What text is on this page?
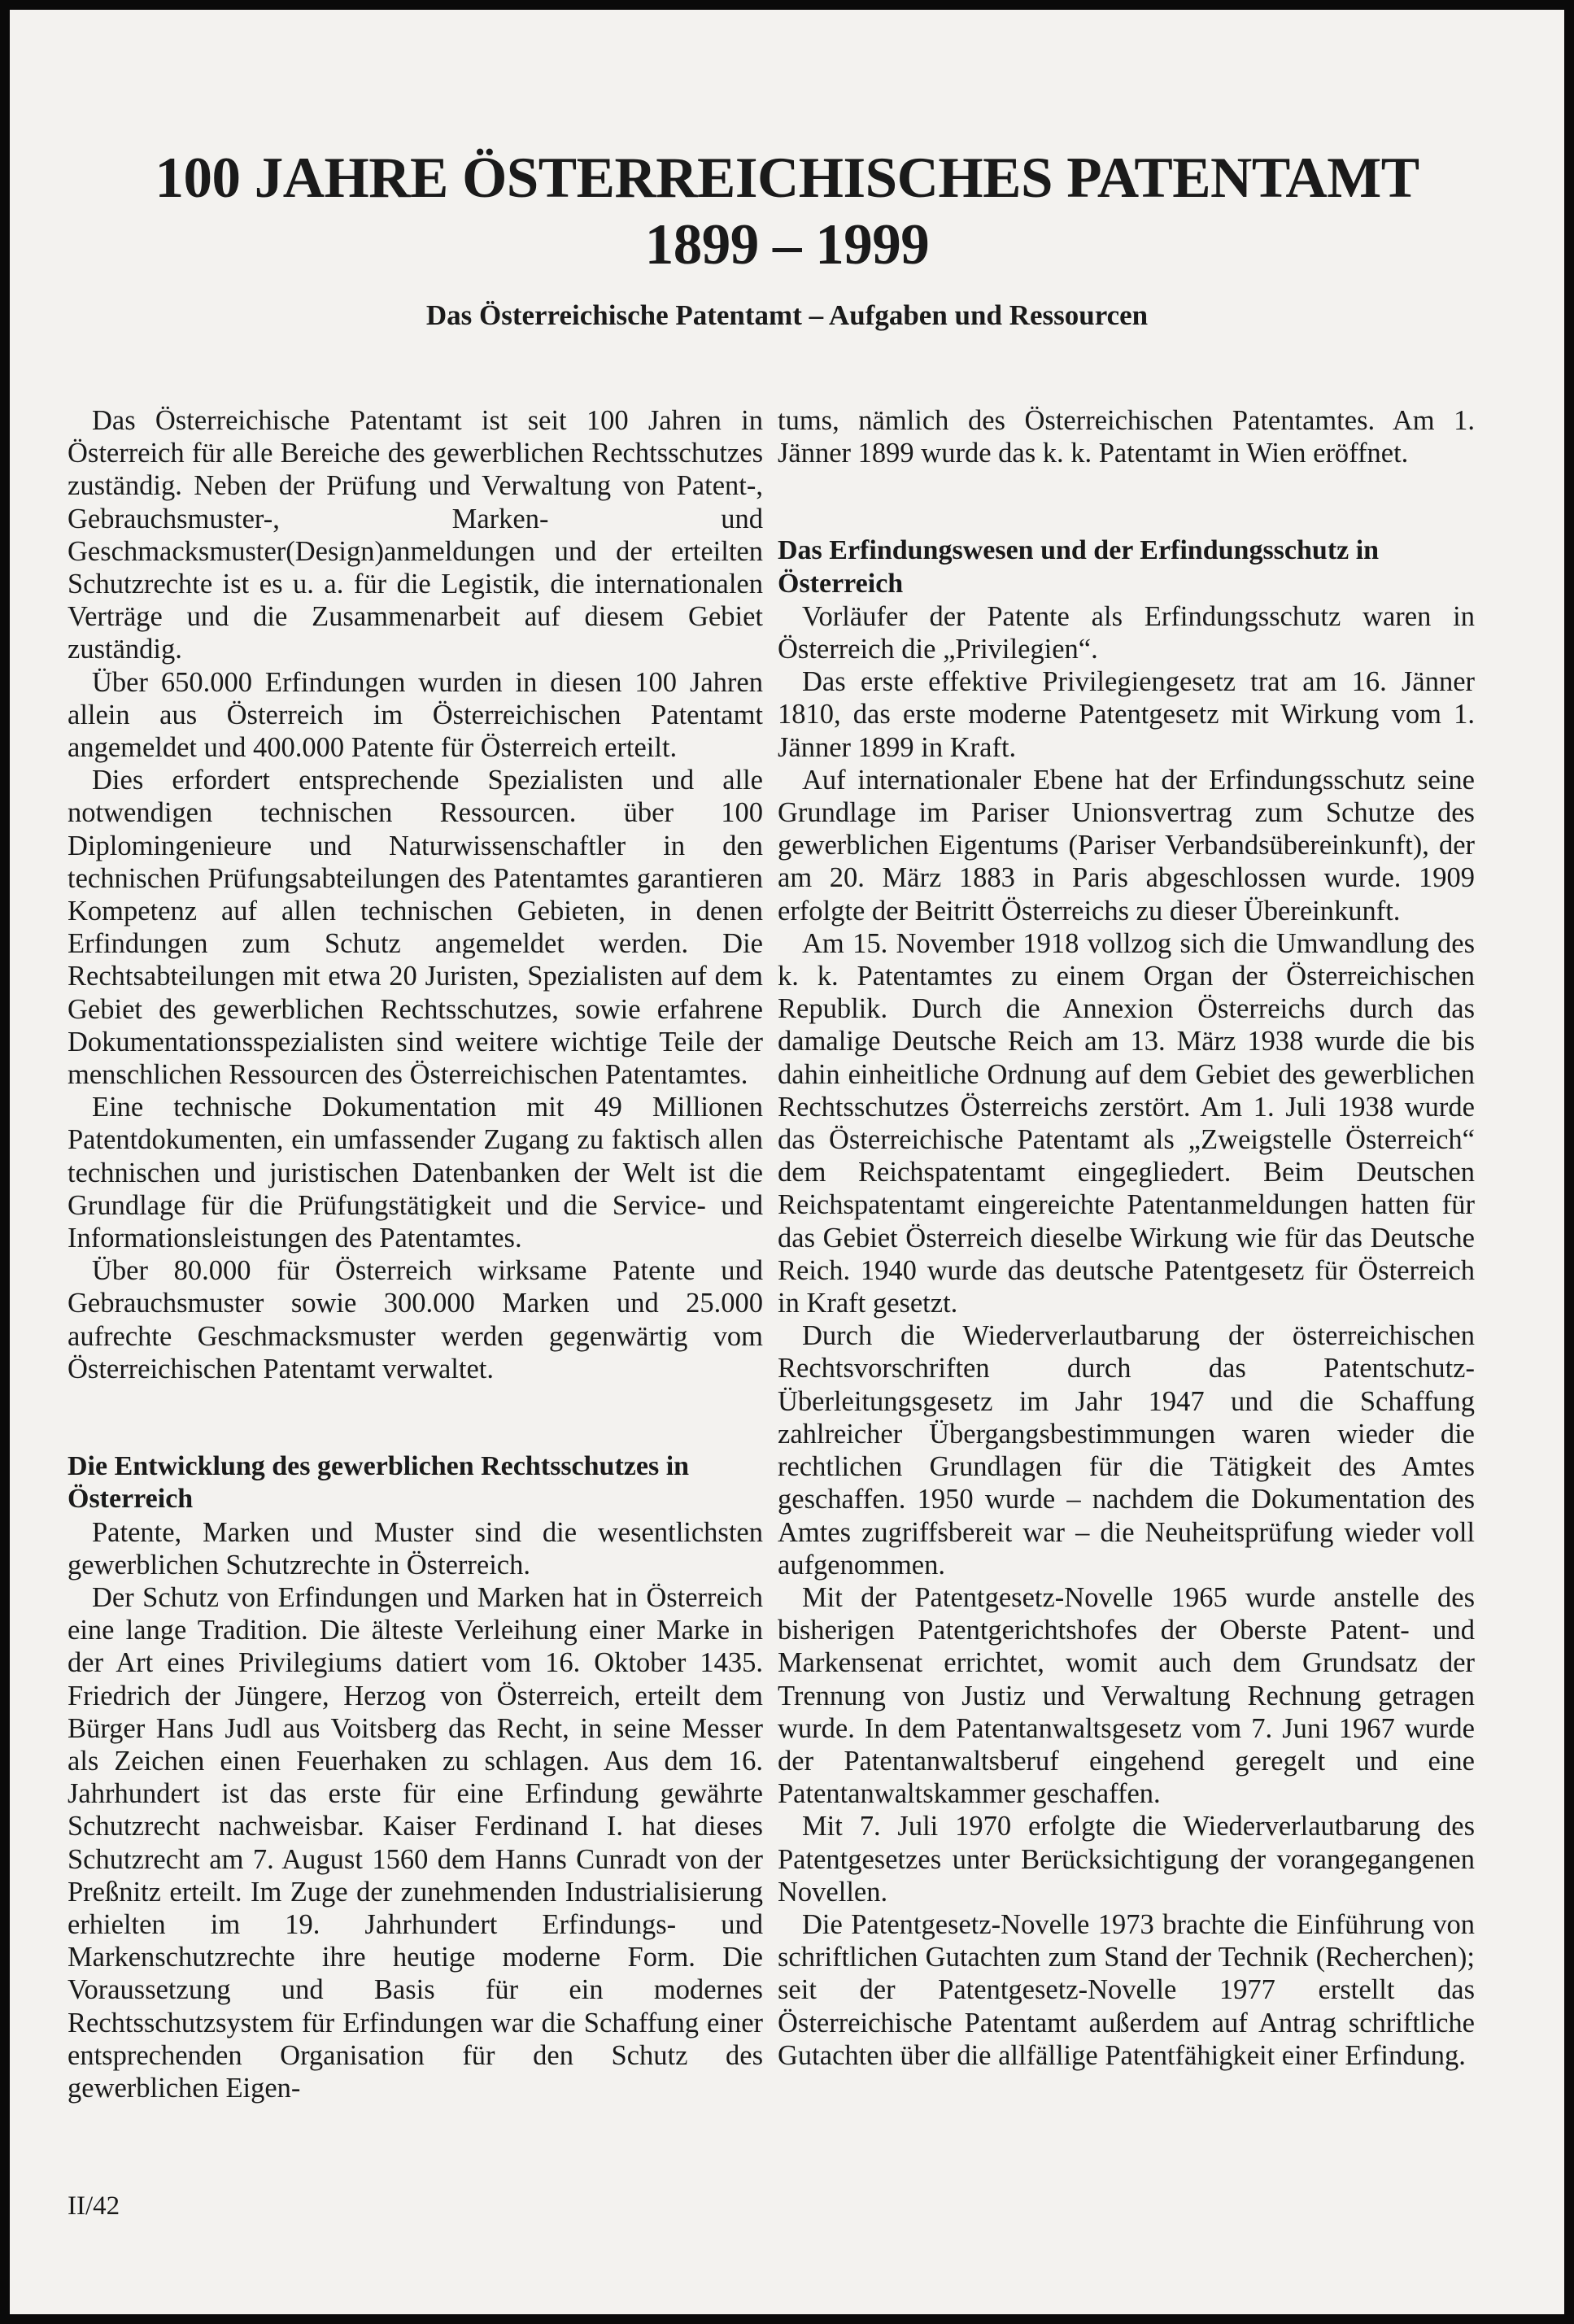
100 JAHRE ÖSTERREICHISCHES PATENTAMT
1899 – 1999
Das Österreichische Patentamt – Aufgaben und Ressourcen

Das Österreichische Patentamt ist seit 100 Jahren in Österreich für alle Bereiche des gewerblichen Rechtsschutzes zuständig. Neben der Prüfung und Verwaltung von Patent-, Gebrauchsmuster-, Marken- und Geschmacksmuster(Design)anmeldungen und der erteilten Schutzrechte ist es u. a. für die Legistik, die internationalen Verträge und die Zusammenarbeit auf diesem Gebiet zuständig.

Über 650.000 Erfindungen wurden in diesen 100 Jahren allein aus Österreich im Österreichischen Patentamt angemeldet und 400.000 Patente für Österreich erteilt.

Dies erfordert entsprechende Spezialisten und alle notwendigen technischen Ressourcen. über 100 Diplomingenieure und Naturwissenschaftler in den technischen Prüfungsabteilungen des Patentamtes garantieren Kompetenz auf allen technischen Gebieten, in denen Erfindungen zum Schutz angemeldet werden. Die Rechtsabteilungen mit etwa 20 Juristen, Spezialisten auf dem Gebiet des gewerblichen Rechtsschutzes, sowie erfahrene Dokumentationsspezialisten sind weitere wichtige Teile der menschlichen Ressourcen des Österreichischen Patentamtes.

Eine technische Dokumentation mit 49 Millionen Patentdokumenten, ein umfassender Zugang zu faktisch allen technischen und juristischen Datenbanken der Welt ist die Grundlage für die Prüfungstätigkeit und die Service- und Informationsleistungen des Patentamtes.

Über 80.000 für Österreich wirksame Patente und Gebrauchsmuster sowie 300.000 Marken und 25.000 aufrechte Geschmacksmuster werden gegenwärtig vom Österreichischen Patentamt verwaltet.

Die Entwicklung des gewerblichen Rechtsschutzes in Österreich

Patente, Marken und Muster sind die wesentlichsten gewerblichen Schutzrechte in Österreich.

Der Schutz von Erfindungen und Marken hat in Österreich eine lange Tradition. Die älteste Verleihung einer Marke in der Art eines Privilegiums datiert vom 16. Oktober 1435. Friedrich der Jüngere, Herzog von Österreich, erteilt dem Bürger Hans Judl aus Voitsberg das Recht, in seine Messer als Zeichen einen Feuerhaken zu schlagen. Aus dem 16. Jahrhundert ist das erste für eine Erfindung gewährte Schutzrecht nachweisbar. Kaiser Ferdinand I. hat dieses Schutzrecht am 7. August 1560 dem Hanns Cunradt von der Preßnitz erteilt. Im Zuge der zunehmenden Industrialisierung erhielten im 19. Jahrhundert Erfindungs- und Markenschutzrechte ihre heutige moderne Form. Die Voraussetzung und Basis für ein modernes Rechtsschutzsystem für Erfindungen war die Schaffung einer entsprechenden Organisation für den Schutz des gewerblichen Eigen-

tums, nämlich des Österreichischen Patentamtes. Am 1. Jänner 1899 wurde das k. k. Patentamt in Wien eröffnet.

Das Erfindungswesen und der Erfindungsschutz in Österreich

Vorläufer der Patente als Erfindungsschutz waren in Österreich die „Privilegien“.

Das erste effektive Privilegiengesetz trat am 16. Jänner 1810, das erste moderne Patentgesetz mit Wirkung vom 1. Jänner 1899 in Kraft.

Auf internationaler Ebene hat der Erfindungsschutz seine Grundlage im Pariser Unionsvertrag zum Schutze des gewerblichen Eigentums (Pariser Verbandsübereinkunft), der am 20. März 1883 in Paris abgeschlossen wurde. 1909 erfolgte der Beitritt Österreichs zu dieser Übereinkunft.

Am 15. November 1918 vollzog sich die Umwandlung des k. k. Patentamtes zu einem Organ der Österreichischen Republik. Durch die Annexion Österreichs durch das damalige Deutsche Reich am 13. März 1938 wurde die bis dahin einheitliche Ordnung auf dem Gebiet des gewerblichen Rechtsschutzes Österreichs zerstört. Am 1. Juli 1938 wurde das Österreichische Patentamt als „Zweigstelle Österreich“ dem Reichspatentamt eingegliedert. Beim Deutschen Reichspatentamt eingereichte Patentanmeldungen hatten für das Gebiet Österreich dieselbe Wirkung wie für das Deutsche Reich. 1940 wurde das deutsche Patentgesetz für Österreich in Kraft gesetzt.

Durch die Wiederverlautbarung der österreichischen Rechtsvorschriften durch das Patentschutz-Überleitungsgesetz im Jahr 1947 und die Schaffung zahlreicher Übergangsbestimmungen waren wieder die rechtlichen Grundlagen für die Tätigkeit des Amtes geschaffen. 1950 wurde – nachdem die Dokumentation des Amtes zugriffsbereit war – die Neuheitsprüfung wieder voll aufgenommen.

Mit der Patentgesetz-Novelle 1965 wurde anstelle des bisherigen Patentgerichtshofes der Oberste Patent- und Markensenat errichtet, womit auch dem Grundsatz der Trennung von Justiz und Verwaltung Rechnung getragen wurde. In dem Patentanwaltsgesetz vom 7. Juni 1967 wurde der Patentanwaltsberuf eingehend geregelt und eine Patentanwaltskammer geschaffen.

Mit 7. Juli 1970 erfolgte die Wiederverlautbarung des Patentgesetzes unter Berücksichtigung der vorangegangenen Novellen.

Die Patentgesetz-Novelle 1973 brachte die Einführung von schriftlichen Gutachten zum Stand der Technik (Recherchen); seit der Patentgesetz-Novelle 1977 erstellt das Österreichische Patentamt außerdem auf Antrag schriftliche Gutachten über die allfällige Patentfähigkeit einer Erfindung.

II/42
